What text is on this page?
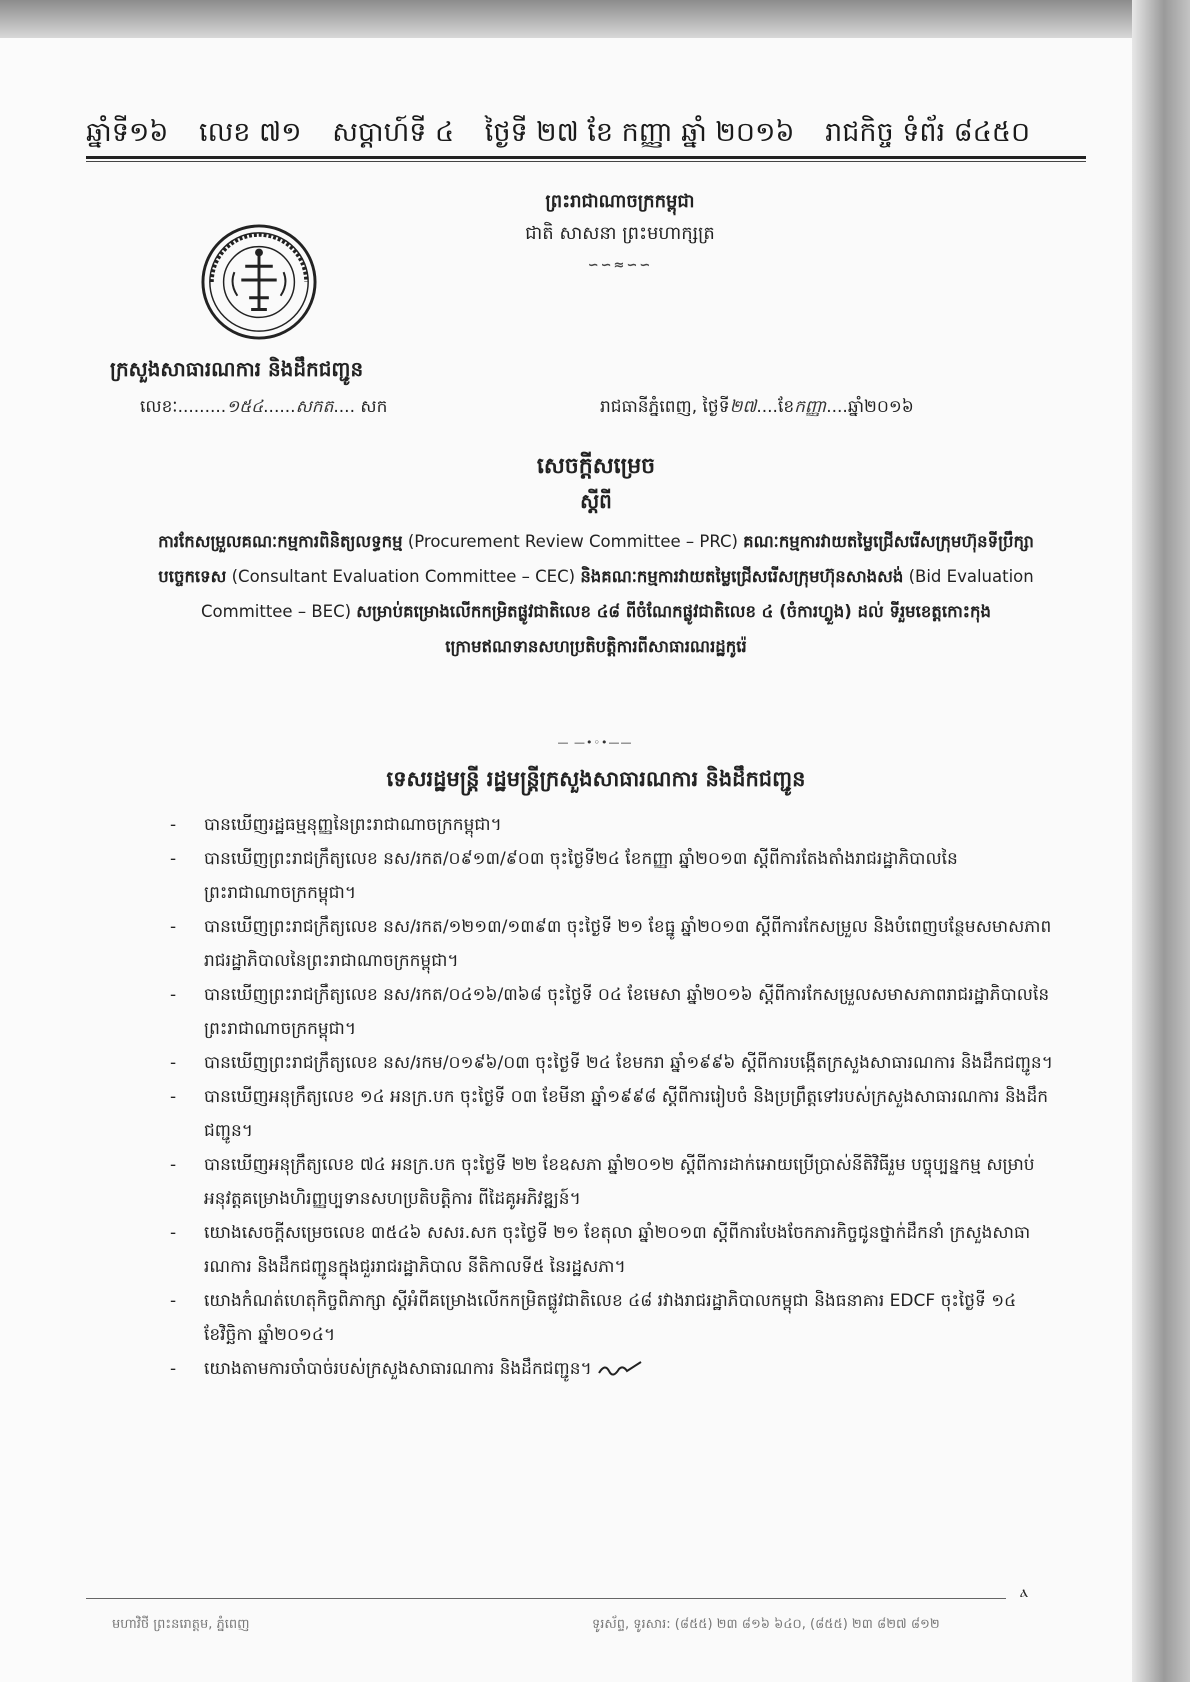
ឆ្នាំទី១៦ លេខ ៧១ សប្តាហ៍ទី ៤ ថ្ងៃទី ២៧ ខែ កញ្ញា ឆ្នាំ ២០១៦ រាជកិច្ច ទំព័រ ៨៤៥០
ព្រះរាជាណាចក្រកម្ពុជា
ជាតិ សាសនា ព្រះមហាក្សត្រ
∽∽≈∽∽
ក្រសួងសាធារណការ និងដឹកជញ្ជូន
លេខៈ.........១៥៤......សកត.... សក	រាជធានីភ្នំពេញ, ថ្ងៃទី២៧....ខែកញ្ញា....ឆ្នាំ២០១៦
សេចក្តីសម្រេច
ស្តីពី
ការកែសម្រួលគណៈកម្មការពិនិត្យលទ្ធកម្ម (Procurement Review Committee – PRC) គណៈកម្មការវាយតម្លៃជ្រើសរើសក្រុមហ៊ុនទីប្រឹក្សាបច្ចេកទេស (Consultant Evaluation Committee – CEC) និងគណៈកម្មការវាយតម្លៃជ្រើសរើសក្រុមហ៊ុនសាងសង់ (Bid Evaluation Committee – BEC) សម្រាប់គម្រោងលើកកម្រិតផ្លូវជាតិលេខ ៤៨ ពីចំណែកផ្លូវជាតិលេខ ៤ (ចំការហ្លួង) ដល់ ទីរួមខេត្តកោះកុង
ក្រោមឥណទានសហប្រតិបត្តិការពីសាធារណរដ្ឋកូរ៉េ
— —•◦•——
ទេសរដ្ឋមន្ត្រី រដ្ឋមន្ត្រីក្រសួងសាធារណការ និងដឹកជញ្ជូន
- បានឃើញរដ្ឋធម្មនុញ្ញនៃព្រះរាជាណាចក្រកម្ពុជា។
- បានឃើញព្រះរាជក្រឹត្យលេខ នស/រកត/០៩១៣/៩០៣ ចុះថ្ងៃទី២៤ ខែកញ្ញា ឆ្នាំ២០១៣ ស្តីពីការតែងតាំងរាជរដ្ឋាភិបាលនៃព្រះរាជាណាចក្រកម្ពុជា។
- បានឃើញព្រះរាជក្រឹត្យលេខ នស/រកត/១២១៣/១៣៩៣ ចុះថ្ងៃទី ២១ ខែធ្នូ ឆ្នាំ២០១៣ ស្តីពីការកែសម្រួល និងបំពេញបន្ថែមសមាសភាពរាជរដ្ឋាភិបាលនៃព្រះរាជាណាចក្រកម្ពុជា។
- បានឃើញព្រះរាជក្រឹត្យលេខ នស/រកត/០៤១៦/៣៦៨ ចុះថ្ងៃទី ០៤ ខែមេសា ឆ្នាំ២០១៦ ស្តីពីការកែសម្រួលសមាសភាពរាជរដ្ឋាភិបាលនៃព្រះរាជាណាចក្រកម្ពុជា។
- បានឃើញព្រះរាជក្រឹត្យលេខ នស/រកម/០១៩៦/០៣ ចុះថ្ងៃទី ២៤ ខែមករា ឆ្នាំ១៩៩៦ ស្តីពីការបង្កើតក្រសួងសាធារណការ និងដឹកជញ្ជូន។
- បានឃើញអនុក្រឹត្យលេខ ១៤ អនក្រ.បក ចុះថ្ងៃទី ០៣ ខែមីនា ឆ្នាំ១៩៩៨ ស្តីពីការរៀបចំ និងប្រព្រឹត្តទៅរបស់ក្រសួងសាធារណការ និងដឹកជញ្ជូន។
- បានឃើញអនុក្រឹត្យលេខ ៧៤ អនក្រ.បក ចុះថ្ងៃទី ២២ ខែឧសភា ឆ្នាំ២០១២ ស្តីពីការដាក់អោយប្រើប្រាស់នីតិវិធីរួម បច្ចុប្បន្នកម្ម សម្រាប់អនុវត្តគម្រោងហិរញ្ញប្បទានសហប្រតិបត្តិការ ពីដៃគូអភិវឌ្ឍន៍។
- យោងសេចក្តីសម្រេចលេខ ៣៥៤៦ សសរ.សក ចុះថ្ងៃទី ២១ ខែតុលា ឆ្នាំ២០១៣ ស្តីពីការបែងចែកភារកិច្ចជូនថ្នាក់ដឹកនាំ ក្រសួងសាធារណការ និងដឹកជញ្ជូនក្នុងជួររាជរដ្ឋាភិបាល នីតិកាលទី៥ នៃរដ្ឋសភា។
- យោងកំណត់ហេតុកិច្ចពិភាក្សា ស្តីអំពីគម្រោងលើកកម្រិតផ្លូវជាតិលេខ ៤៨ រវាងរាជរដ្ឋាភិបាលកម្ពុជា និងធនាគារ EDCF ចុះថ្ងៃទី ១៤ ខែវិច្ឆិកា ឆ្នាំ២០១៤។
- យោងតាមការចាំបាច់របស់ក្រសួងសាធារណការ និងដឹកជញ្ជូន។
ⲁ
មហាវិថី ព្រះនរោត្តម, ភ្នំពេញ	ទូរស័ព្ទ, ទូរសារ: (៨៥៥) ២៣ ៨១៦ ៦៤០, (៨៥៥) ២៣ ៨២៧ ៨១២
